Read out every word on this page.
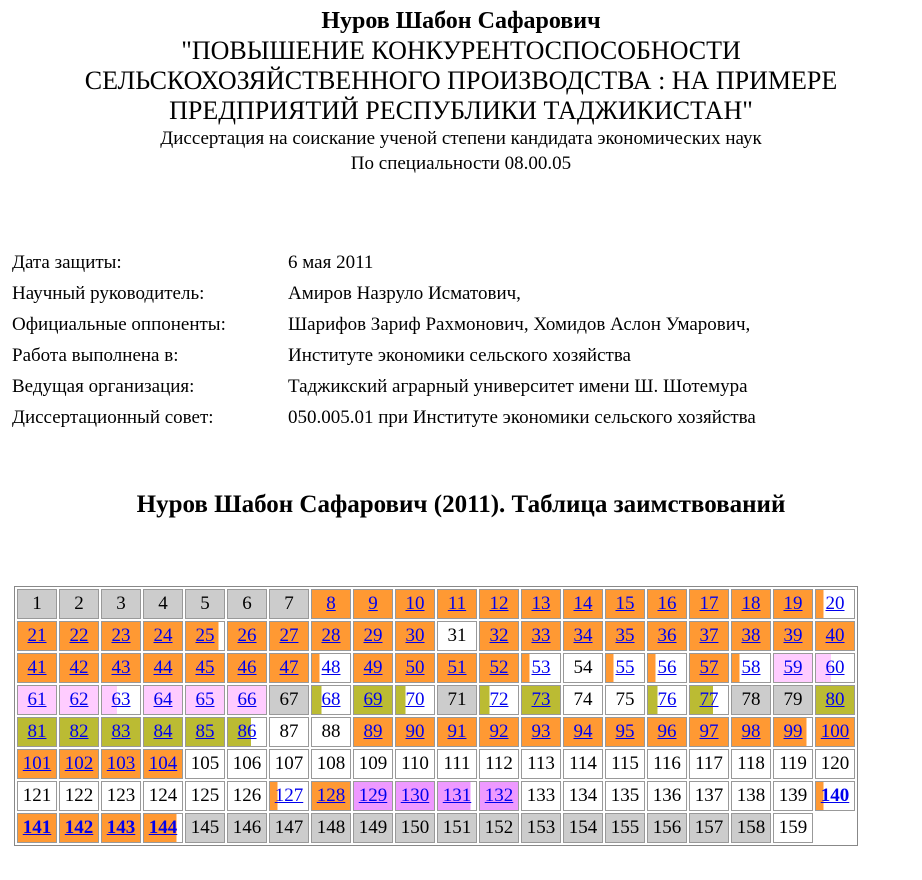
Нуров Шабон Сафарович
"ПОВЫШЕНИЕ КОНКУРЕНТОСПОСОБНОСТИ
СЕЛЬСКОХОЗЯЙСТВЕННОГО ПРОИЗВОДСТВА : НА ПРИМЕРЕ
ПРЕДПРИЯТИЙ РЕСПУБЛИКИ ТАДЖИКИСТАН"
Диссертация на соискание ученой степени кандидата экономических наук
По специальности 08.00.05
Дата защиты:	6 мая 2011
Научный руководитель:	Амиров Назрулo Исматович,
Официальные оппоненты:	Шарифов Зариф Рахмонович, Хомидов Аслон Умарович,
Работа выполнена в:	Институте экономики сельского хозяйства
Ведущая организация:	Таджикский аграрный университет имени Ш. Шотемура
Диссертационный совет:	050.005.01 при Институте экономики сельского хозяйства
Нуров Шабон Сафарович (2011). Таблица заимствований
1	2	3	4	5	6	7	8	9	10	11	12	13	14	15	16	17	18	19	20
21	22	23	24	25	26	27	28	29	30	31	32	33	34	35	36	37	38	39	40
41	42	43	44	45	46	47	48	49	50	51	52	53	54	55	56	57	58	59	60
61	62	63	64	65	66	67	68	69	70	71	72	73	74	75	76	77	78	79	80
81	82	83	84	85	86	87	88	89	90	91	92	93	94	95	96	97	98	99	100
101	102	103	104	105	106	107	108	109	110	111	112	113	114	115	116	117	118	119	120
121	122	123	124	125	126	127	128	129	130	131	132	133	134	135	136	137	138	139	140
141	142	143	144	145	146	147	148	149	150	151	152	153	154	155	156	157	158	159	
